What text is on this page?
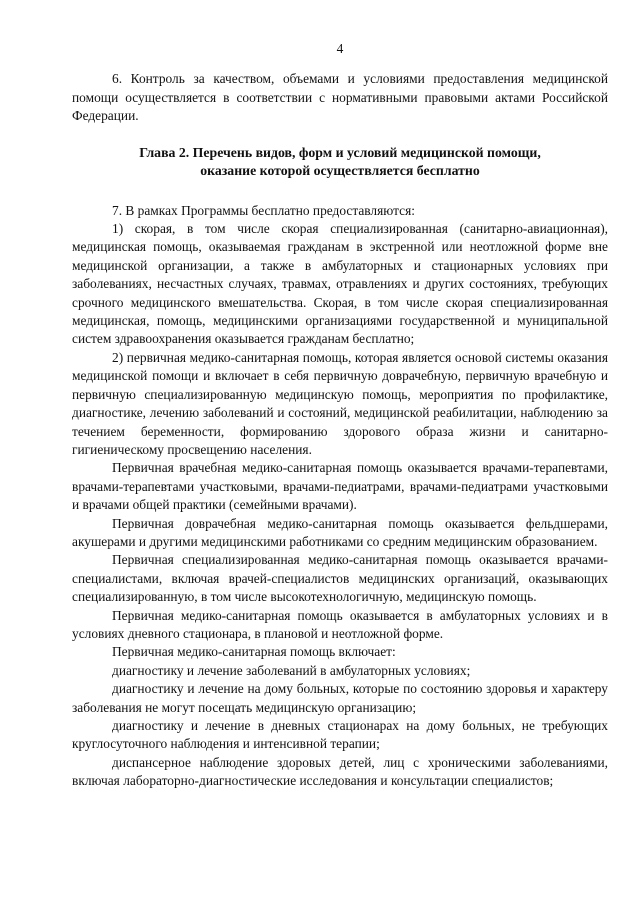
4

6. Контроль за качеством, объемами и условиями предоставления медицинской помощи осуществляется в соответствии с нормативными правовыми актами Российской Федерации.

Глава 2. Перечень видов, форм и условий медицинской помощи,
оказание которой осуществляется бесплатно

7. В рамках Программы бесплатно предоставляются:

1) скорая, в том числе скорая специализированная (санитарно-авиационная), медицинская помощь, оказываемая гражданам в экстренной или неотложной форме вне медицинской организации, а также в амбулаторных и стационарных условиях при заболеваниях, несчастных случаях, травмах, отравлениях и других состояниях, требующих срочного медицинского вмешательства. Скорая, в том числе скорая специализированная медицинская, помощь, медицинскими организациями государственной и муниципальной систем здравоохранения оказывается гражданам бесплатно;

2) первичная медико-санитарная помощь, которая является основой системы оказания медицинской помощи и включает в себя первичную доврачебную, первичную врачебную и первичную специализированную медицинскую помощь, мероприятия по профилактике, диагностике, лечению заболеваний и состояний, медицинской реабилитации, наблюдению за течением беременности, формированию здорового образа жизни и санитарно-гигиеническому просвещению населения.

Первичная врачебная медико-санитарная помощь оказывается врачами-терапевтами, врачами-терапевтами участковыми, врачами-педиатрами, врачами-педиатрами участковыми и врачами общей практики (семейными врачами).

Первичная доврачебная медико-санитарная помощь оказывается фельдшерами, акушерами и другими медицинскими работниками со средним медицинским образованием.

Первичная специализированная медико-санитарная помощь оказывается врачами-специалистами, включая врачей-специалистов медицинских организаций, оказывающих специализированную, в том числе высокотехнологичную, медицинскую помощь.

Первичная медико-санитарная помощь оказывается в амбулаторных условиях и в условиях дневного стационара, в плановой и неотложной форме.

Первичная медико-санитарная помощь включает:

диагностику и лечение заболеваний в амбулаторных условиях;

диагностику и лечение на дому больных, которые по состоянию здоровья и характеру заболевания не могут посещать медицинскую организацию;

диагностику и лечение в дневных стационарах на дому больных, не требующих круглосуточного наблюдения и интенсивной терапии;

диспансерное наблюдение здоровых детей, лиц с хроническими заболеваниями, включая лабораторно-диагностические исследования и консультации специалистов;
